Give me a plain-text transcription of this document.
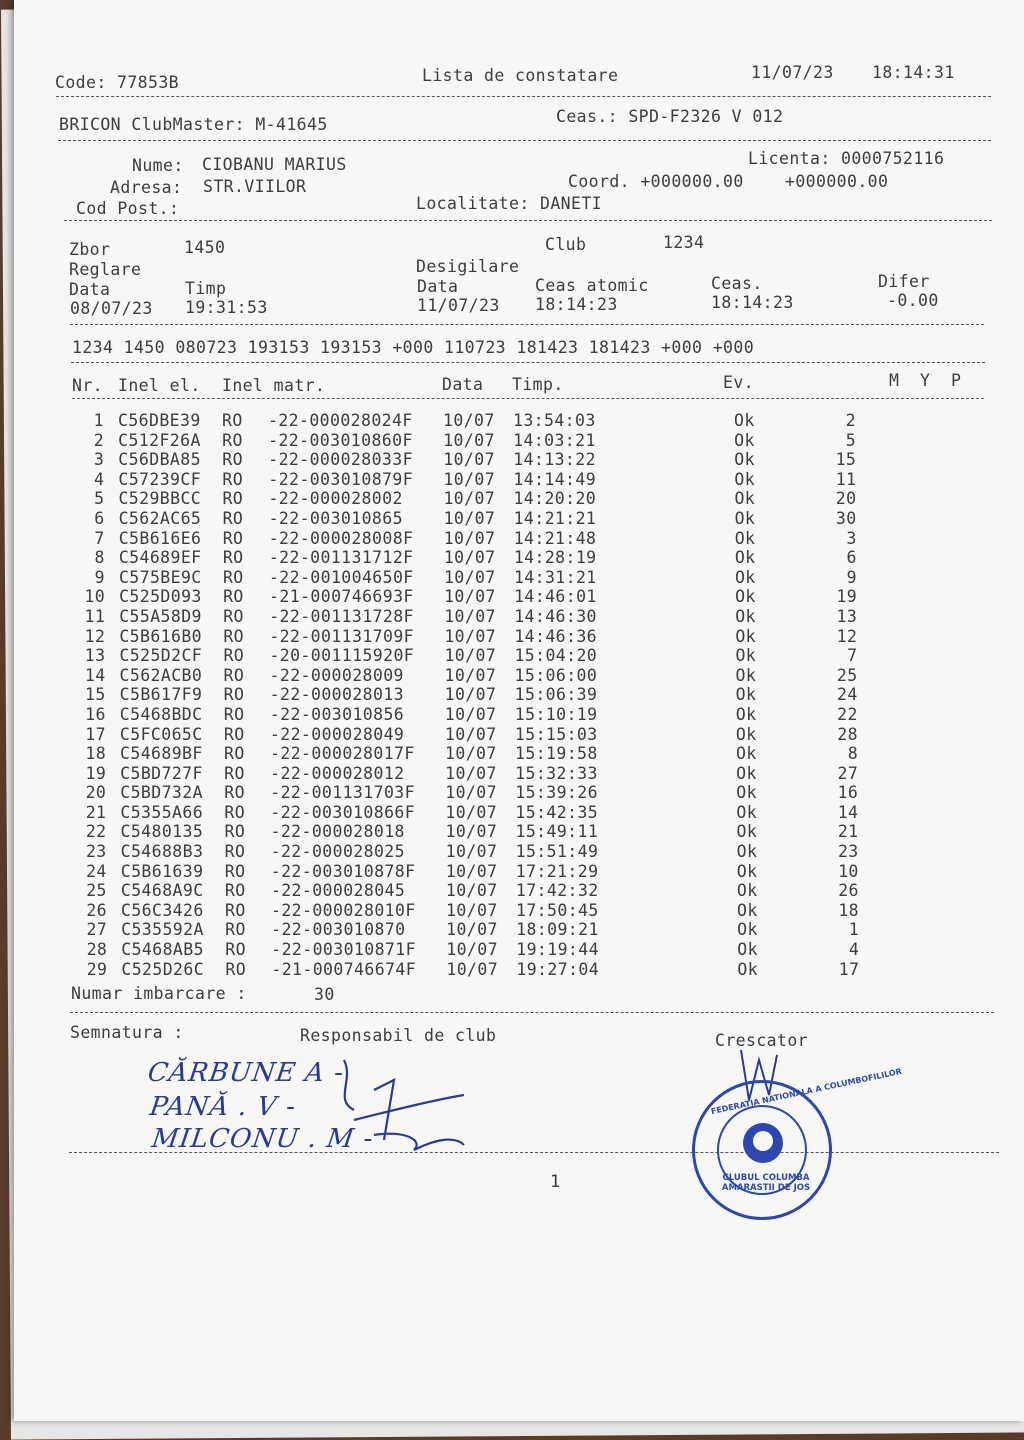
Code: 77853B	Lista de constatare	11/07/23 18:14:31
BRICON ClubMaster: M-41645	Ceas.: SPD-F2326 V 012
Nume: CIOBANU MARIUS	Licenta: 0000752116
Adresa: STR.VIILOR	Coord. +000000.00    +000000.00
Cod Post.:	Localitate: DANETI
Zbor	1450	Club	1234
Reglare	Desigilare
Data	Timp	Data	Ceas atomic	Ceas.	Difer
08/07/23 19:31:53	11/07/23 18:14:23	18:14:23	-0.00
1234 1450 080723 193153 193153 +000 110723 181423 181423 +000 +000
Nr. Inel el. Inel matr.	Data Timp.	Ev.	M  Y  P
1 C56DBE39 RO -22-000028024F 10/07 13:54:03	Ok	2
2 C512F26A RO -22-003010860F 10/07 14:03:21	Ok	5
3 C56DBA85 RO -22-000028033F 10/07 14:13:22	Ok	15
4 C57239CF RO -22-003010879F 10/07 14:14:49	Ok	11
5 C529BBCC RO -22-000028002 10/07 14:20:20	Ok	20
6 C562AC65 RO -22-003010865 10/07 14:21:21	Ok	30
7 C5B616E6 RO -22-000028008F 10/07 14:21:48	Ok	3
8 C54689EF RO -22-001131712F 10/07 14:28:19	Ok	6
9 C575BE9C RO -22-001004650F 10/07 14:31:21	Ok	9
10 C525D093 RO -21-000746693F 10/07 14:46:01	Ok	19
11 C55A58D9 RO -22-001131728F 10/07 14:46:30	Ok	13
12 C5B616B0 RO -22-001131709F 10/07 14:46:36	Ok	12
13 C525D2CF RO -20-001115920F 10/07 15:04:20	Ok	7
14 C562ACB0 RO -22-000028009 10/07 15:06:00	Ok	25
15 C5B617F9 RO -22-000028013 10/07 15:06:39	Ok	24
16 C5468BDC RO -22-003010856 10/07 15:10:19	Ok	22
17 C5FC065C RO -22-000028049 10/07 15:15:03	Ok	28
18 C54689BF RO -22-000028017F 10/07 15:19:58	Ok	8
19 C5BD727F RO -22-000028012 10/07 15:32:33	Ok	27
20 C5BD732A RO -22-001131703F 10/07 15:39:26	Ok	16
21 C5355A66 RO -22-003010866F 10/07 15:42:35	Ok	14
22 C5480135 RO -22-000028018 10/07 15:49:11	Ok	21
23 C54688B3 RO -22-000028025 10/07 15:51:49	Ok	23
24 C5B61639 RO -22-003010878F 10/07 17:21:29	Ok	10
25 C5468A9C RO -22-000028045 10/07 17:42:32	Ok	26
26 C56C3426 RO -22-000028010F 10/07 17:50:45	Ok	18
27 C535592A RO -22-003010870 10/07 18:09:21	Ok	1
28 C5468AB5 RO -22-003010871F 10/07 19:19:44	Ok	4
29 C525D26C RO -21-000746674F 10/07 19:27:04	Ok	17
Numar imbarcare :	30
Semnatura :	Responsabil de club	Crescator
CĂRBUNE A -
PANĂ . V -
MILCONU . M -
1
FEDERATIA NATIONALA A COLUMBOFILILOR
CLUBUL COLUMBA AMARASTII DE JOS
